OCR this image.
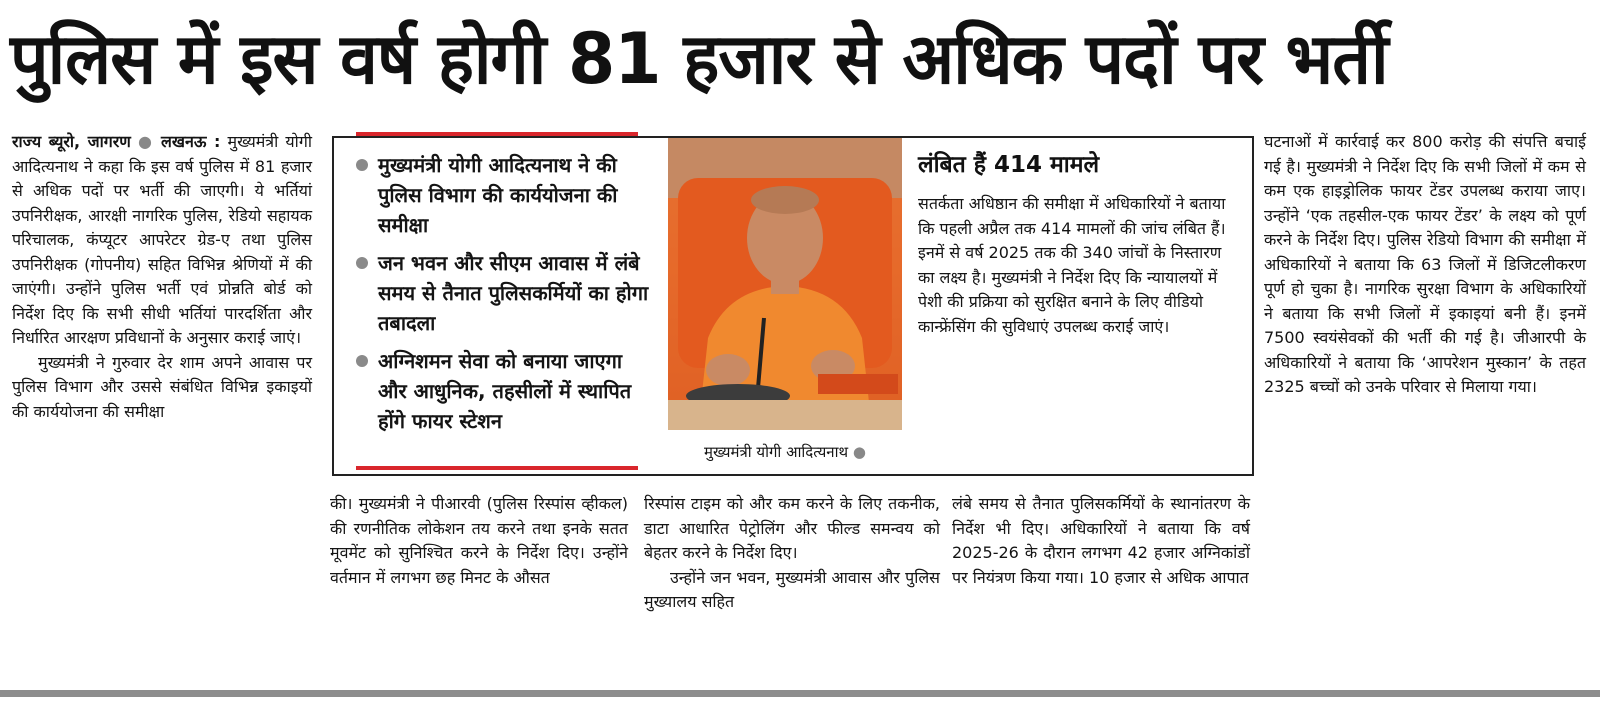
पुलिस में इस वर्ष होगी 81 हजार से अधिक पदों पर भर्ती

राज्य ब्यूरो, जागरण ● लखनऊ : मुख्यमंत्री योगी आदित्यनाथ ने कहा कि इस वर्ष पुलिस में 81 हजार से अधिक पदों पर भर्ती की जाएगी। ये भर्तियां उपनिरीक्षक, आरक्षी नागरिक पुलिस, रेडियो सहायक परिचालक, कंप्यूटर आपरेटर ग्रेड-ए तथा पुलिस उपनिरीक्षक (गोपनीय) सहित विभिन्न श्रेणियों में की जाएंगी। उन्होंने पुलिस भर्ती एवं प्रोन्नति बोर्ड को निर्देश दिए कि सभी सीधी भर्तियां पारदर्शिता और निर्धारित आरक्षण प्रविधानों के अनुसार कराई जाएं।

मुख्यमंत्री ने गुरुवार देर शाम अपने आवास पर पुलिस विभाग और उससे संबंधित विभिन्न इकाइयों की कार्ययोजना की समीक्षा

मुख्यमंत्री योगी आदित्यनाथ ने की पुलिस विभाग की कार्ययोजना की समीक्षा
जन भवन और सीएम आवास में लंबे समय से तैनात पुलिसकर्मियों का होगा तबादला
अग्निशमन सेवा को बनाया जाएगा और आधुनिक, तहसीलों में स्थापित होंगे फायर स्टेशन
मुख्यमंत्री योगी आदित्यनाथ ●
लंबित हैं 414 मामले

सतर्कता अधिष्ठान की समीक्षा में अधिकारियों ने बताया कि पहली अप्रैल तक 414 मामलों की जांच लंबित हैं। इनमें से वर्ष 2025 तक की 340 जांचों के निस्तारण का लक्ष्य है। मुख्यमंत्री ने निर्देश दिए कि न्यायालयों में पेशी की प्रक्रिया को सुरक्षित बनाने के लिए वीडियो कान्फ्रेंसिंग की सुविधाएं उपलब्ध कराई जाएं।

की। मुख्यमंत्री ने पीआरवी (पुलिस रिस्पांस व्हीकल) की रणनीतिक लोकेशन तय करने तथा इनके सतत मूवमेंट को सुनिश्चित करने के निर्देश दिए। उन्होंने वर्तमान में लगभग छह मिनट के औसत

रिस्पांस टाइम को और कम करने के लिए तकनीक, डाटा आधारित पेट्रोलिंग और फील्ड समन्वय को बेहतर करने के निर्देश दिए।

उन्होंने जन भवन, मुख्यमंत्री आवास और पुलिस मुख्यालय सहित

लंबे समय से तैनात पुलिसकर्मियों के स्थानांतरण के निर्देश भी दिए। अधिकारियों ने बताया कि वर्ष 2025-26 के दौरान लगभग 42 हजार अग्निकांडों पर नियंत्रण किया गया। 10 हजार से अधिक आपात

घटनाओं में कार्रवाई कर 800 करोड़ की संपत्ति बचाई गई है। मुख्यमंत्री ने निर्देश दिए कि सभी जिलों में कम से कम एक हाइड्रोलिक फायर टेंडर उपलब्ध कराया जाए। उन्होंने ‘एक तहसील-एक फायर टेंडर’ के लक्ष्य को पूर्ण करने के निर्देश दिए। पुलिस रेडियो विभाग की समीक्षा में अधिकारियों ने बताया कि 63 जिलों में डिजिटलीकरण पूर्ण हो चुका है। नागरिक सुरक्षा विभाग के अधिकारियों ने बताया कि सभी जिलों में इकाइयां बनी हैं। इनमें 7500 स्वयंसेवकों की भर्ती की गई है। जीआरपी के अधिकारियों ने बताया कि ‘आपरेशन मुस्कान’ के तहत 2325 बच्चों को उनके परिवार से मिलाया गया।
